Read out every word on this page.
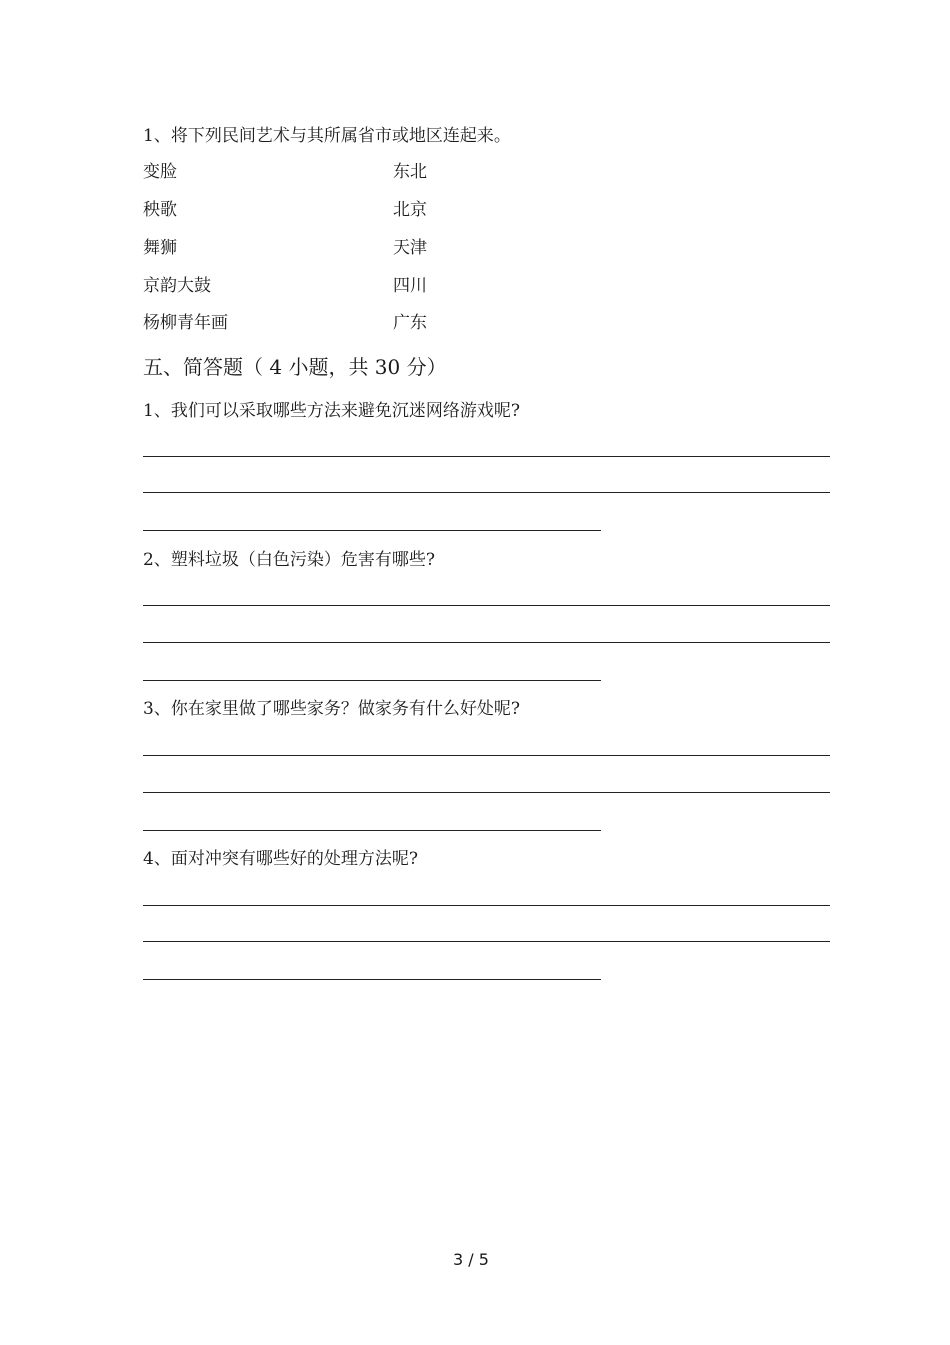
1、将下列民间艺术与其所属省市或地区连起来。
变脸	东北
秧歌	北京
舞狮	天津
京韵大鼓	四川
杨柳青年画	广东
五、简答题（ 4 小题，共 30 分）
1、我们可以采取哪些方法来避免沉迷网络游戏呢?
2、塑料垃圾（白色污染）危害有哪些?
3、你在家里做了哪些家务？做家务有什么好处呢?
4、面对冲突有哪些好的处理方法呢?
3 / 5
